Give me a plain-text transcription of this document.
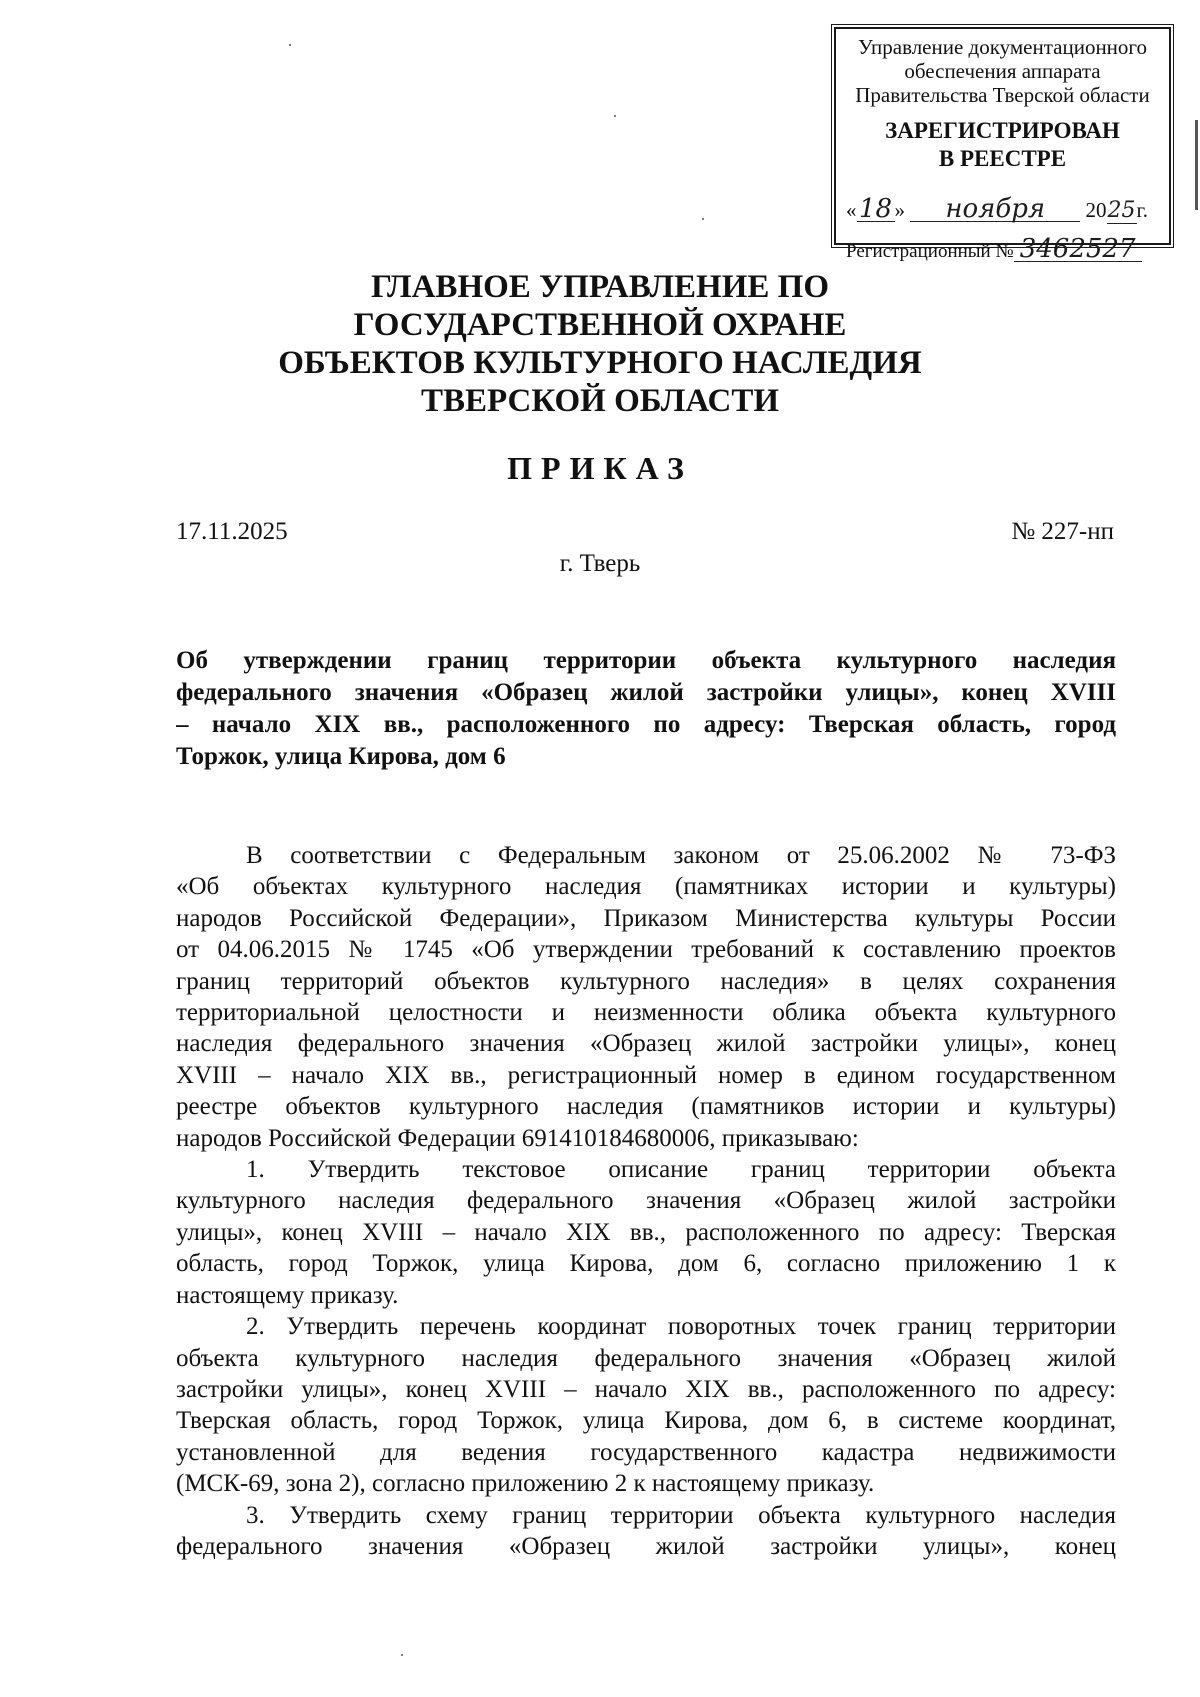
Управление документационного
обеспечения аппарата
Правительства Тверской области
ЗАРЕГИСТРИРОВАН
В РЕЕСТРЕ
«18 » ноября 2025г.
Регистрационный № 3462527
ГЛАВНОЕ УПРАВЛЕНИЕ ПО
ГОСУДАРСТВЕННОЙ ОХРАНЕ
ОБЪЕКТОВ КУЛЬТУРНОГО НАСЛЕДИЯ
ТВЕРСКОЙ ОБЛАСТИ
ПРИКАЗ
17.11.2025	№ 227-нп
г. Тверь
Об утверждении границ территории объекта культурного наследия
федерального значения «Образец жилой застройки улицы», конец XVIII
– начало XIX вв., расположенного по адресу: Тверская область, город
Торжок, улица Кирова, дом 6
В соответствии с Федеральным законом от 25.06.2002 № 73-ФЗ
«Об объектах культурного наследия (памятниках истории и культуры)
народов Российской Федерации», Приказом Министерства культуры России
от 04.06.2015 № 1745 «Об утверждении требований к составлению проектов
границ территорий объектов культурного наследия» в целях сохранения
территориальной целостности и неизменности облика объекта культурного
наследия федерального значения «Образец жилой застройки улицы», конец
XVIII – начало XIX вв., регистрационный номер в едином государственном
реестре объектов культурного наследия (памятников истории и культуры)
народов Российской Федерации 691410184680006, приказываю:
1. Утвердить текстовое описание границ территории объекта
культурного наследия федерального значения «Образец жилой застройки
улицы», конец XVIII – начало XIX вв., расположенного по адресу: Тверская
область, город Торжок, улица Кирова, дом 6, согласно приложению 1 к
настоящему приказу.
2. Утвердить перечень координат поворотных точек границ территории
объекта культурного наследия федерального значения «Образец жилой
застройки улицы», конец XVIII – начало XIX вв., расположенного по адресу:
Тверская область, город Торжок, улица Кирова, дом 6, в системе координат,
установленной для ведения государственного кадастра недвижимости
(МСК-69, зона 2), согласно приложению 2 к настоящему приказу.
3. Утвердить схему границ территории объекта культурного наследия
федерального значения «Образец жилой застройки улицы», конец
